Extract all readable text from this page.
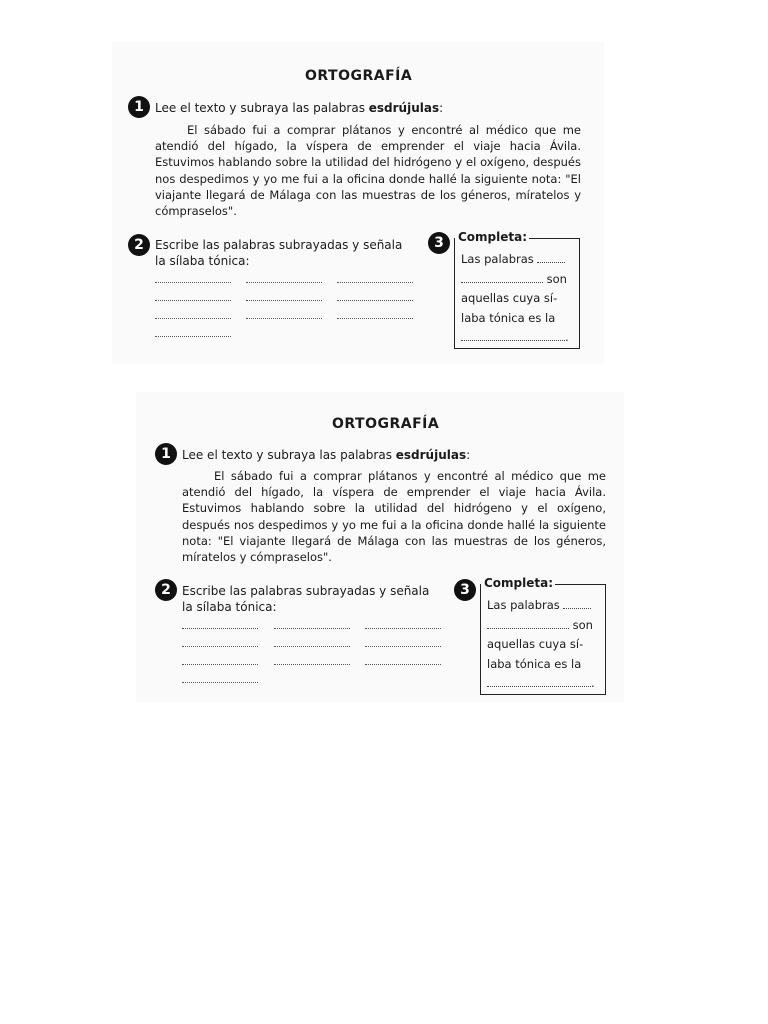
ORTOGRAFÍA
1 Lee el texto y subraya las palabras esdrújulas:
El sábado fui a comprar plátanos y encontré al médico que me atendió del hígado, la víspera de emprender el viaje hacia Ávila. Estuvimos hablando sobre la utilidad del hidrógeno y el oxígeno, después nos despedimos y yo me fui a la oficina donde hallé la siguiente nota: "El viajante llegará de Málaga con las muestras de los géneros, míratelos y cómpraselos".
2 Escribe las palabras subrayadas y señala
la sílaba tónica:
3	Completa:
Las palabras
son
aquellas cuya sí-
laba tónica es la
.
ORTOGRAFÍA
1 Lee el texto y subraya las palabras esdrújulas:
El sábado fui a comprar plátanos y encontré al médico que me atendió del hígado, la víspera de emprender el viaje hacia Ávila. Estuvimos hablando sobre la utilidad del hidrógeno y el oxígeno, después nos despedimos y yo me fui a la oficina donde hallé la siguiente nota: "El viajante llegará de Málaga con las muestras de los géneros, míratelos y cómpraselos".
2 Escribe las palabras subrayadas y señala
la sílaba tónica:
3	Completa:
Las palabras
son
aquellas cuya sí-
laba tónica es la
.
